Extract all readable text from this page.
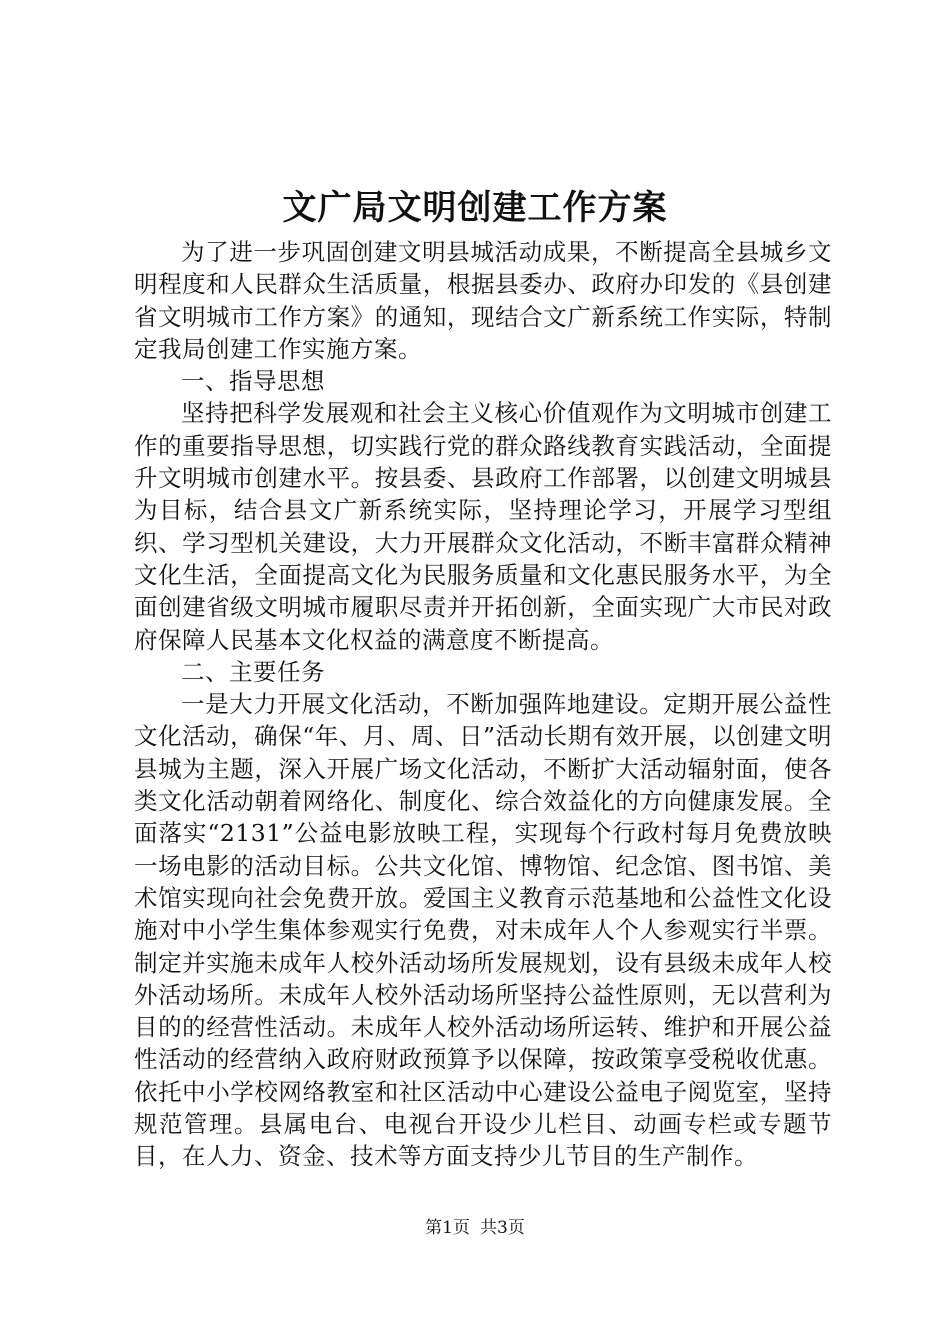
文广局文明创建工作方案

为了进一步巩固创建文明县城活动成果，不断提高全县城乡文明程度和人民群众生活质量，根据县委办、政府办印发的《县创建省文明城市工作方案》的通知，现结合文广新系统工作实际，特制定我局创建工作实施方案。

一、指导思想

坚持把科学发展观和社会主义核心价值观作为文明城市创建工作的重要指导思想，切实践行党的群众路线教育实践活动，全面提升文明城市创建水平。按县委、县政府工作部署，以创建文明城县为目标，结合县文广新系统实际，坚持理论学习，开展学习型组织、学习型机关建设，大力开展群众文化活动，不断丰富群众精神文化生活，全面提高文化为民服务质量和文化惠民服务水平，为全面创建省级文明城市履职尽责并开拓创新，全面实现广大市民对政府保障人民基本文化权益的满意度不断提高。

二、主要任务

一是大力开展文化活动，不断加强阵地建设。定期开展公益性文化活动，确保“年、月、周、日”活动长期有效开展，以创建文明县城为主题，深入开展广场文化活动，不断扩大活动辐射面，使各类文化活动朝着网络化、制度化、综合效益化的方向健康发展。全面落实“2131”公益电影放映工程，实现每个行政村每月免费放映一场电影的活动目标。公共文化馆、博物馆、纪念馆、图书馆、美术馆实现向社会免费开放。爱国主义教育示范基地和公益性文化设施对中小学生集体参观实行免费，对未成年人个人参观实行半票。制定并实施未成年人校外活动场所发展规划，设有县级未成年人校外活动场所。未成年人校外活动场所坚持公益性原则，无以营利为目的的经营性活动。未成年人校外活动场所运转、维护和开展公益性活动的经营纳入政府财政预算予以保障，按政策享受税收优惠。依托中小学校网络教室和社区活动中心建设公益电子阅览室，坚持规范管理。县属电台、电视台开设少儿栏目、动画专栏或专题节目，在人力、资金、技术等方面支持少儿节目的生产制作。

第1页 共3页
